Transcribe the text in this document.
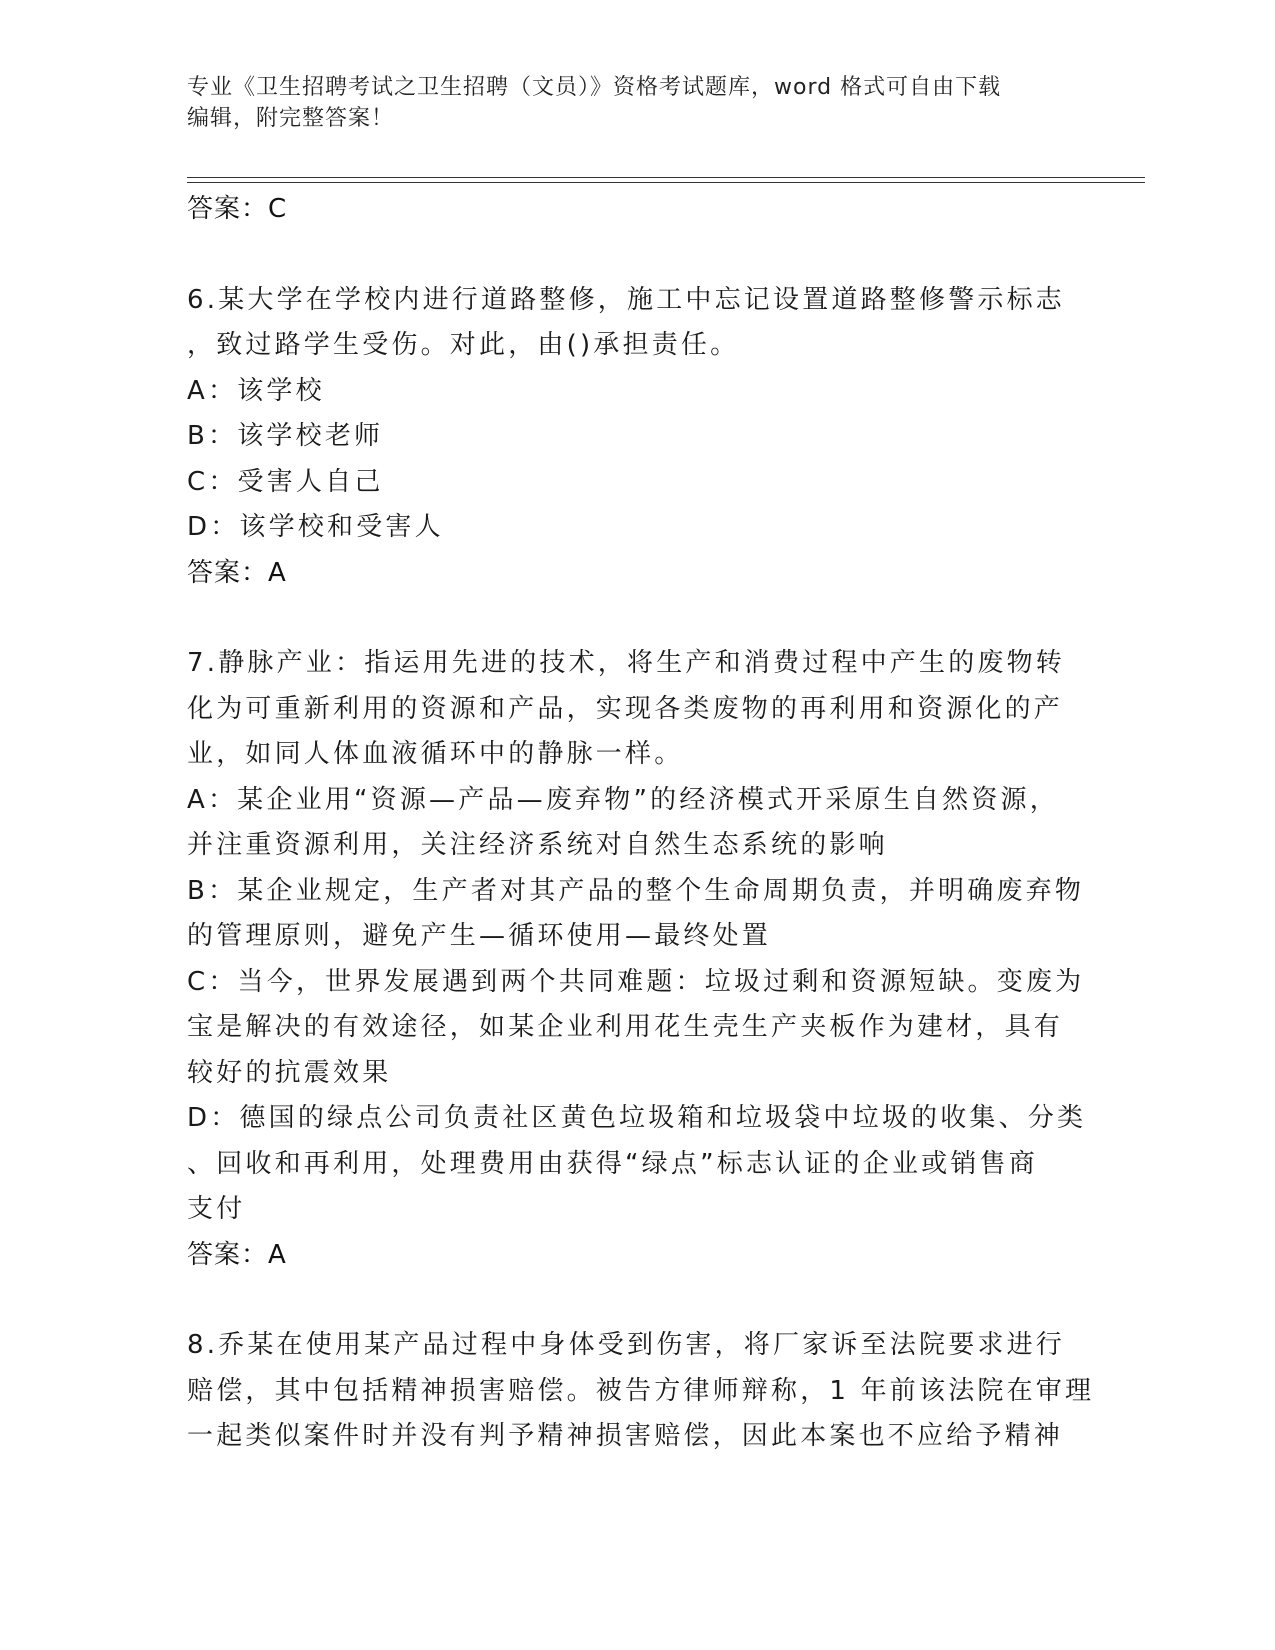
专业《卫生招聘考试之卫生招聘（文员）》资格考试题库，word 格式可自由下载
编辑，附完整答案！
答案：C
6.某大学在学校内进行道路整修，施工中忘记设置道路整修警示标志
，致过路学生受伤。对此，由()承担责任。
A：该学校
B：该学校老师
C：受害人自己
D：该学校和受害人
答案：A
7.静脉产业：指运用先进的技术，将生产和消费过程中产生的废物转
化为可重新利用的资源和产品，实现各类废物的再利用和资源化的产
业，如同人体血液循环中的静脉一样。
A：某企业用“资源—产品—废弃物”的经济模式开采原生自然资源，
并注重资源利用，关注经济系统对自然生态系统的影响
B：某企业规定，生产者对其产品的整个生命周期负责，并明确废弃物
的管理原则，避免产生—循环使用—最终处置
C：当今，世界发展遇到两个共同难题：垃圾过剩和资源短缺。变废为
宝是解决的有效途径，如某企业利用花生壳生产夹板作为建材，具有
较好的抗震效果
D：德国的绿点公司负责社区黄色垃圾箱和垃圾袋中垃圾的收集、分类
、回收和再利用，处理费用由获得“绿点”标志认证的企业或销售商
支付
答案：A
8.乔某在使用某产品过程中身体受到伤害，将厂家诉至法院要求进行
赔偿，其中包括精神损害赔偿。被告方律师辩称，1 年前该法院在审理
一起类似案件时并没有判予精神损害赔偿，因此本案也不应给予精神
